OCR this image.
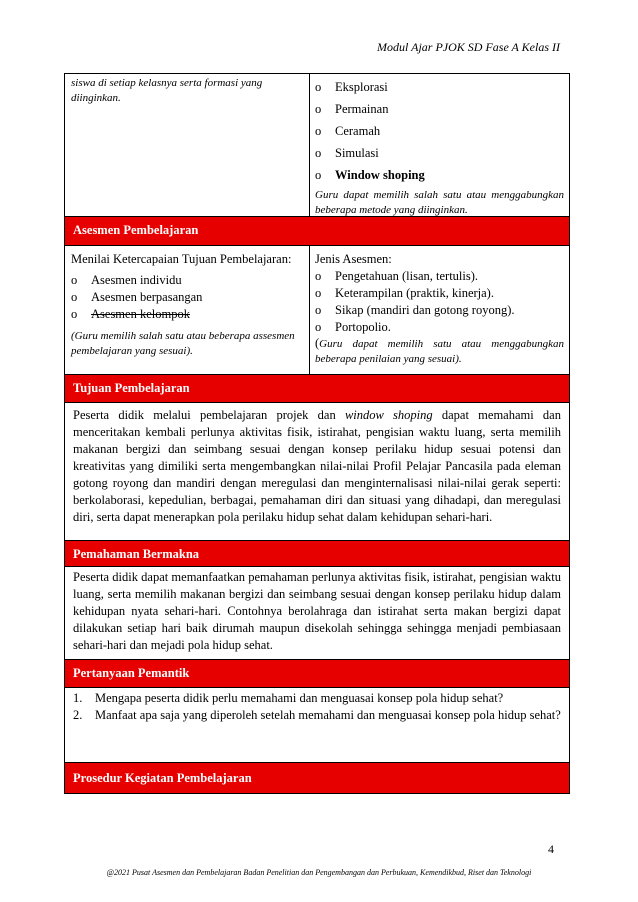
Modul Ajar PJOK SD Fase A Kelas II
siswa di setiap kelasnya serta formasi yang diinginkan.
o	Eksplorasi
o	Permainan
o	Ceramah
o	Simulasi
o	Window shoping
Guru dapat memilih salah satu atau menggabungkan beberapa metode yang diinginkan.
Asesmen Pembelajaran
Menilai Ketercapaian Tujuan Pembelajaran:
o	Asesmen individu
o	Asesmen berpasangan
o	Asesmen kelompok
(Guru memilih salah satu atau beberapa assesmen pembelajaran yang sesuai).
Jenis Asesmen:
o	Pengetahuan (lisan, tertulis).
o	Keterampilan (praktik, kinerja).
o	Sikap (mandiri dan gotong royong).
o	Portopolio.
(Guru dapat memilih satu atau menggabungkan beberapa penilaian yang sesuai).
Tujuan Pembelajaran
Peserta didik melalui pembelajaran projek dan window shoping dapat memahami dan menceritakan kembali perlunya aktivitas fisik, istirahat, pengisian waktu luang, serta memilih makanan bergizi dan seimbang sesuai dengan konsep perilaku hidup sesuai potensi dan kreativitas yang dimiliki serta mengembangkan nilai-nilai Profil Pelajar Pancasila pada eleman gotong royong dan mandiri dengan meregulasi dan menginternalisasi nilai-nilai gerak seperti: berkolaborasi, kepedulian, berbagai, pemahaman diri dan situasi yang dihadapi, dan meregulasi diri, serta dapat menerapkan pola perilaku hidup sehat dalam kehidupan sehari-hari.
Pemahaman Bermakna
Peserta didik dapat memanfaatkan pemahaman perlunya aktivitas fisik, istirahat, pengisian waktu luang, serta memilih makanan bergizi dan seimbang sesuai dengan konsep perilaku hidup dalam kehidupan nyata sehari-hari. Contohnya berolahraga dan istirahat serta makan bergizi dapat dilakukan setiap hari baik dirumah maupun disekolah sehingga sehingga menjadi pembiasaan sehari-hari dan mejadi pola hidup sehat.
Pertanyaan Pemantik
1.	Mengapa peserta didik perlu memahami dan menguasai konsep pola hidup sehat?
2.	Manfaat apa saja yang diperoleh setelah memahami dan menguasai konsep pola hidup sehat?
Prosedur Kegiatan Pembelajaran
4
@2021 Pusat Asesmen dan Pembelajaran Badan Penelitian dan Pengembangan dan Perbukuan, Kemendikbud, Riset dan Teknologi
